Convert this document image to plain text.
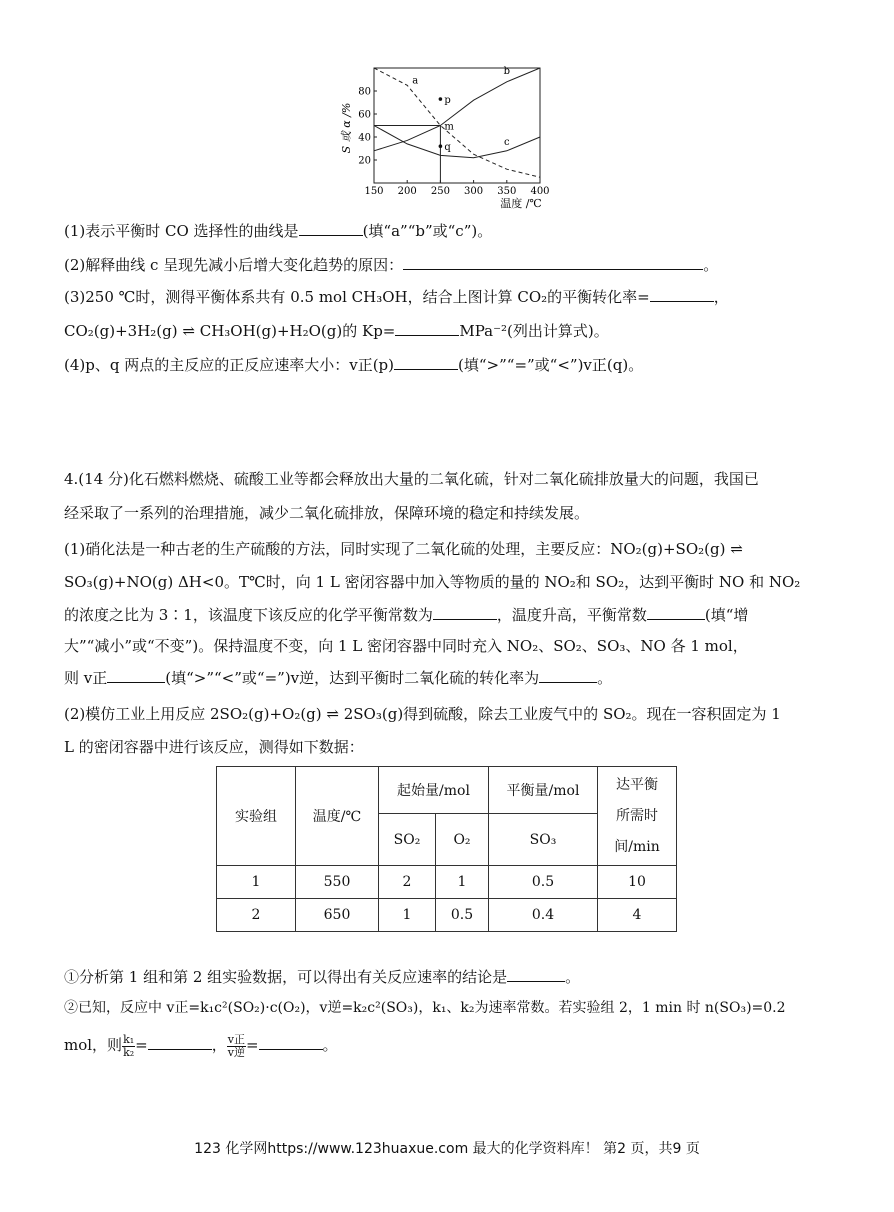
a
b
c
p
m
q
150 200 250 300 350 400
20
40
60
80
S 或 α /%
温度 /℃
(1)表示平衡时 CO 选择性的曲线是	(填“a”“b”或“c”)。
(2)解释曲线 c 呈现先减小后增大变化趋势的原因：	。
(3)250 ℃时，测得平衡体系共有 0.5 mol CH₃OH，结合上图计算 CO₂的平衡转化率=	，
CO₂(g)+3H₂(g) ⇌ CH₃OH(g)+H₂O(g)的 Kp=	MPa⁻²(列出计算式)。
(4)p、q 两点的主反应的正反应速率大小：v正(p)	(填“>”“=”或“<”)v正(q)。
4.(14 分)化石燃料燃烧、硫酸工业等都会释放出大量的二氧化硫，针对二氧化硫排放量大的问题，我国已
经采取了一系列的治理措施，减少二氧化硫排放，保障环境的稳定和持续发展。
(1)硝化法是一种古老的生产硫酸的方法，同时实现了二氧化硫的处理，主要反应：NO₂(g)+SO₂(g) ⇌
SO₃(g)+NO(g) ΔH<0。T℃时，向 1 L 密闭容器中加入等物质的量的 NO₂和 SO₂，达到平衡时 NO 和 NO₂
的浓度之比为 3∶1，该温度下该反应的化学平衡常数为	，温度升高，平衡常数	(填“增
大”“减小”或“不变”)。保持温度不变，向 1 L 密闭容器中同时充入 NO₂、SO₂、SO₃、NO 各 1 mol，
则 v正	(填“>”“<”或“=”)v逆，达到平衡时二氧化硫的转化率为	。
(2)模仿工业上用反应 2SO₂(g)+O₂(g) ⇌ 2SO₃(g)得到硫酸，除去工业废气中的 SO₂。现在一容积固定为 1
L 的密闭容器中进行该反应，测得如下数据：
实验组	温度/℃	起始量/mol		平衡量/mol	达平衡
所需时
间/min

		SO₂	O₂	SO₃	
1	550	2	1	0.5	10
2	650	1	0.5	0.4	4
①分析第 1 组和第 2 组实验数据，可以得出有关反应速率的结论是	。
②已知，反应中 v正=k₁c²(SO₂)·c(O₂)，v逆=k₂c²(SO₃)，k₁、k₂为速率常数。若实验组 2，1 min 时 n(SO₃)=0.2
mol，则 $\frac{\text{k₁}}{\text{k₂}}$ =	， $\frac{\text{v正}}{\text{v逆}}$ =	。
123 化学网https://www.123huaxue.com 最大的化学资料库！ 第2 页，共9 页
